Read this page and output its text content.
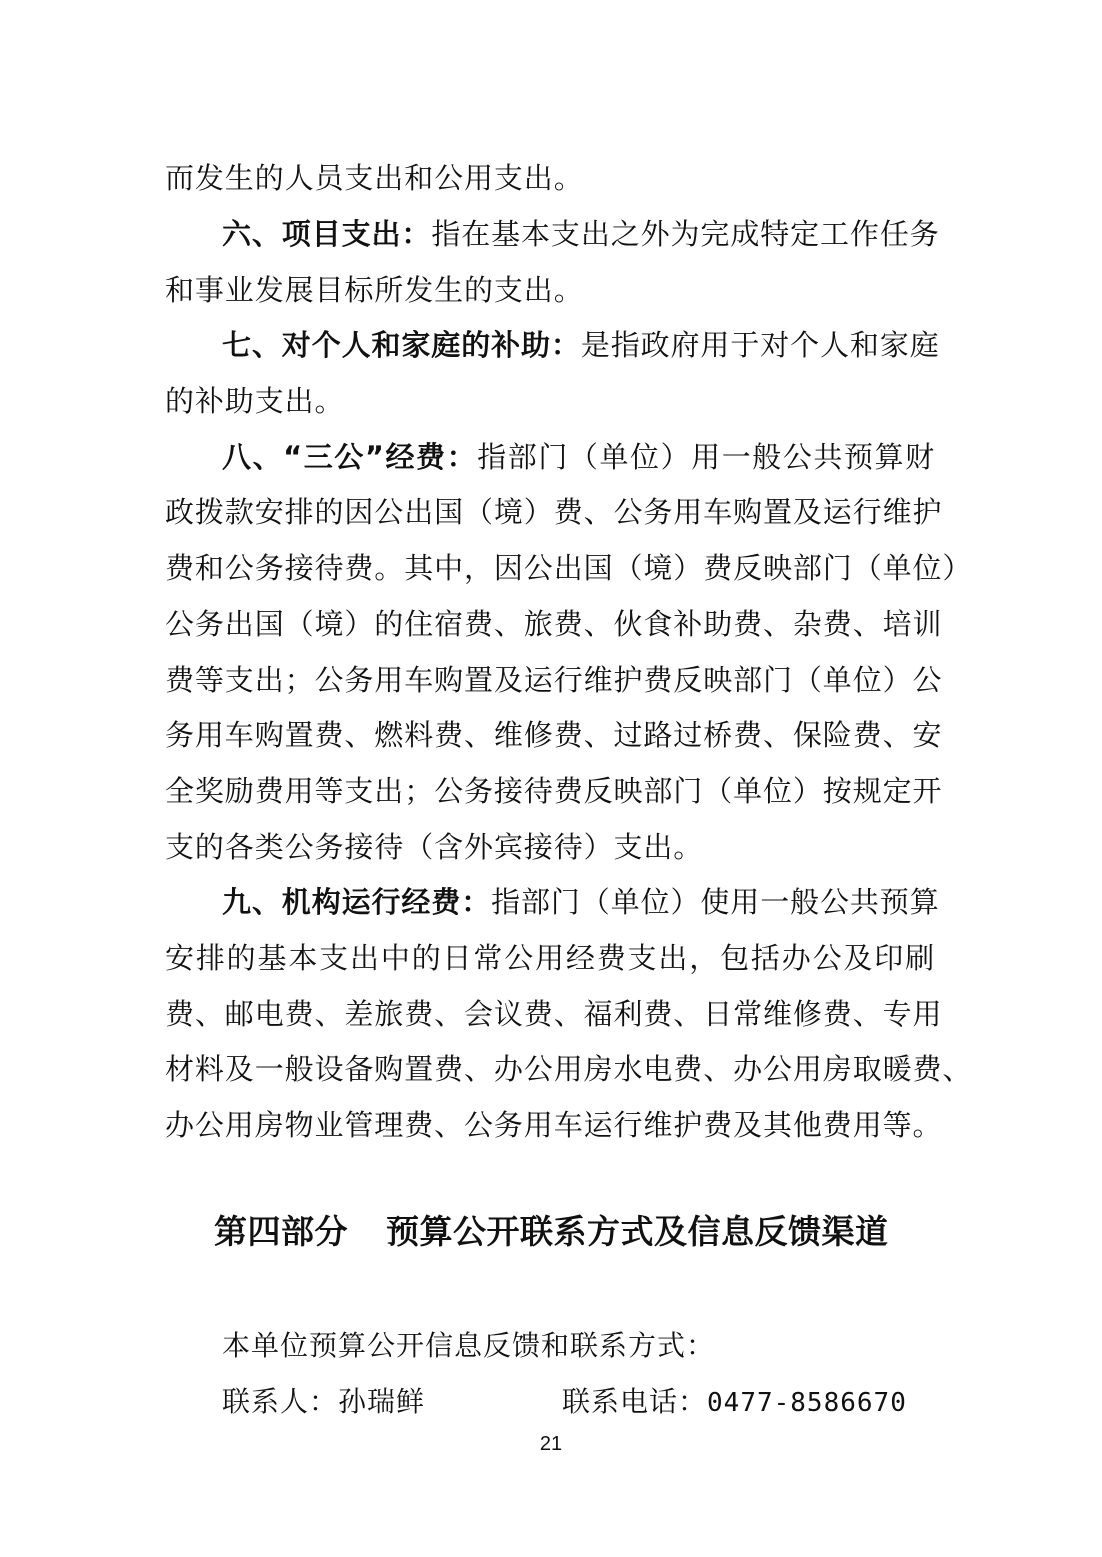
而发生的人员支出和公用支出。
六、项目支出：指在基本支出之外为完成特定工作任务
和事业发展目标所发生的支出。
七、对个人和家庭的补助：是指政府用于对个人和家庭
的补助支出。
八、“三公”经费：指部门（单位）用一般公共预算财
政拨款安排的因公出国（境）费、公务用车购置及运行维护
费和公务接待费。其中，因公出国（境）费反映部门（单位）
公务出国（境）的住宿费、旅费、伙食补助费、杂费、培训
费等支出；公务用车购置及运行维护费反映部门（单位）公
务用车购置费、燃料费、维修费、过路过桥费、保险费、安
全奖励费用等支出；公务接待费反映部门（单位）按规定开
支的各类公务接待（含外宾接待）支出。
九、机构运行经费：指部门（单位）使用一般公共预算
安排的基本支出中的日常公用经费支出，包括办公及印刷
费、邮电费、差旅费、会议费、福利费、日常维修费、专用
材料及一般设备购置费、办公用房水电费、办公用房取暖费、
办公用房物业管理费、公务用车运行维护费及其他费用等。
第四部分 预算公开联系方式及信息反馈渠道
本单位预算公开信息反馈和联系方式：
联系人：孙瑞鲜	联系电话：0477-8586670
21
